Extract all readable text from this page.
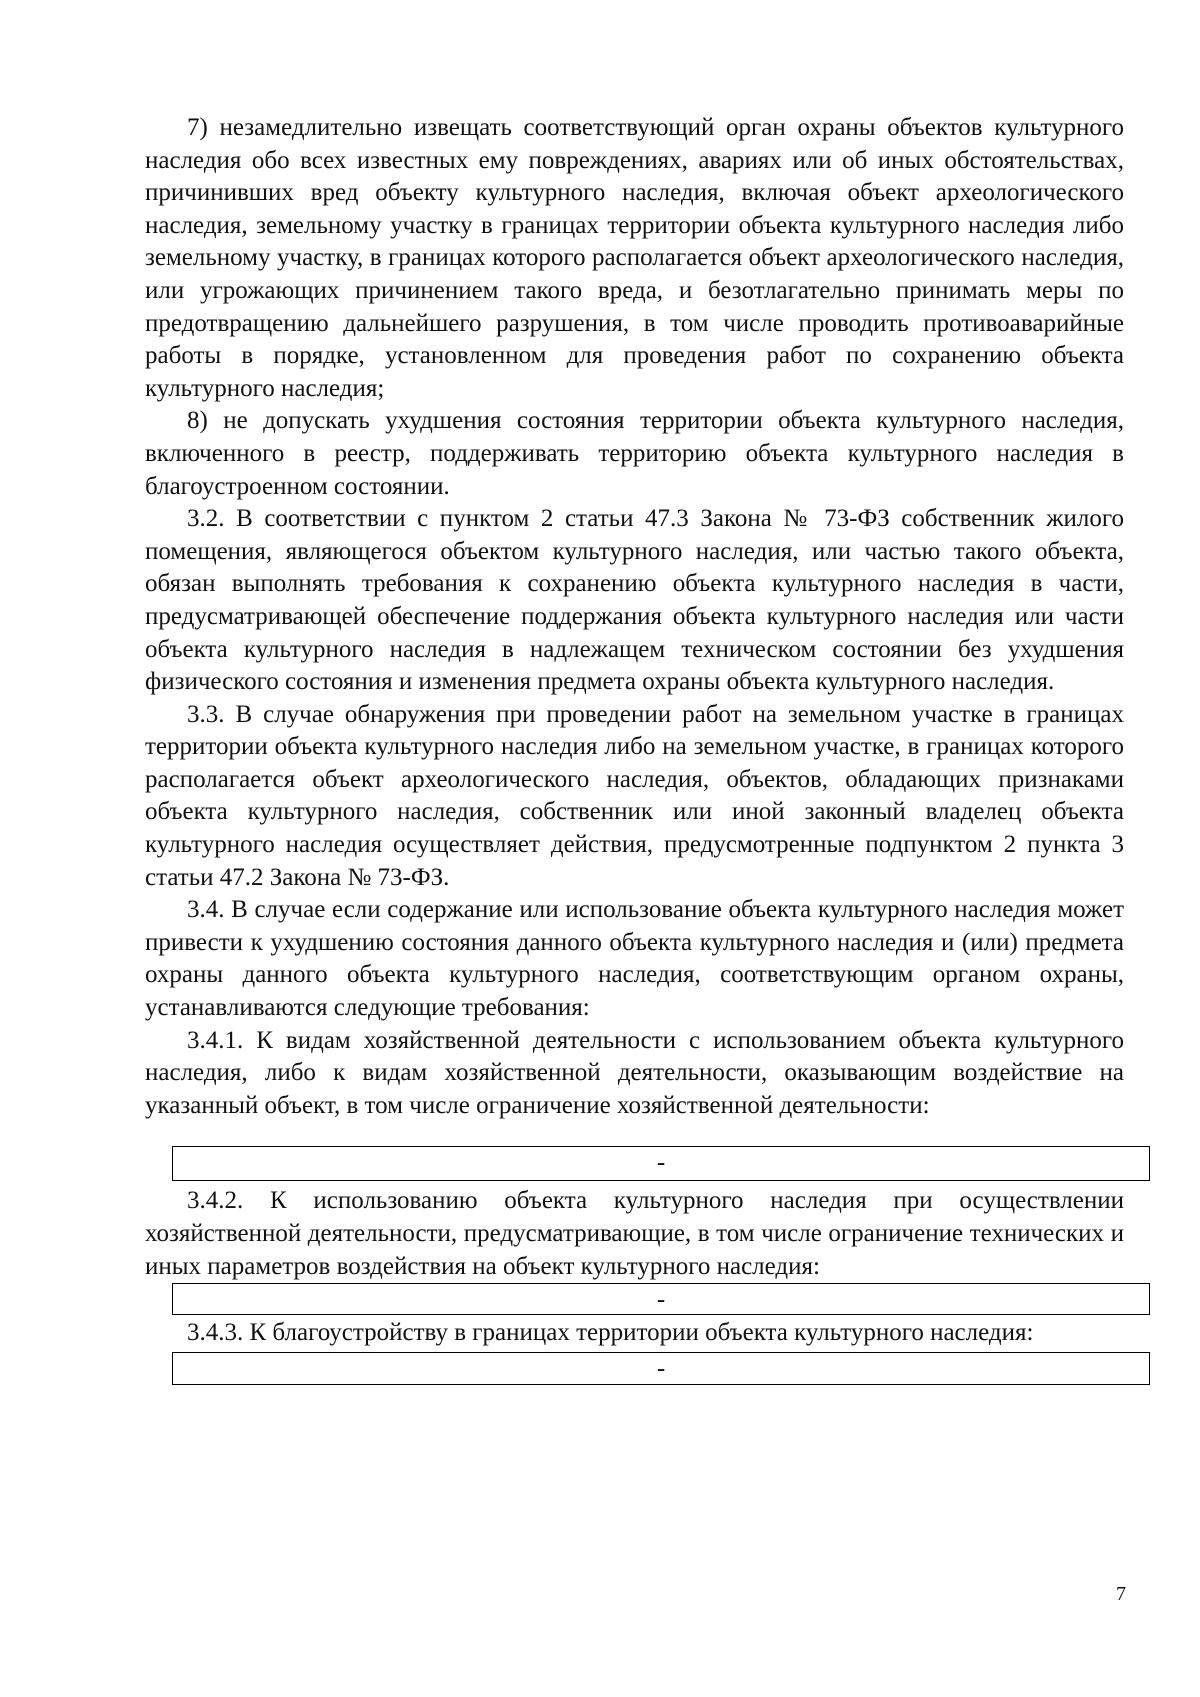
7) незамедлительно извещать соответствующий орган охраны объектов культурного наследия обо всех известных ему повреждениях, авариях или об иных обстоятельствах, причинивших вред объекту культурного наследия, включая объект археологического наследия, земельному участку в границах территории объекта культурного наследия либо земельному участку, в границах которого располагается объект археологического наследия, или угрожающих причинением такого вреда, и безотлагательно принимать меры по предотвращению дальнейшего разрушения, в том числе проводить противоаварийные работы в порядке, установленном для проведения работ по сохранению объекта культурного наследия;

8) не допускать ухудшения состояния территории объекта культурного наследия, включенного в реестр, поддерживать территорию объекта культурного наследия в благоустроенном состоянии.

3.2. В соответствии с пунктом 2 статьи 47.3 Закона № 73-ФЗ собственник жилого помещения, являющегося объектом культурного наследия, или частью такого объекта, обязан выполнять требования к сохранению объекта культурного наследия в части, предусматривающей обеспечение поддержания объекта культурного наследия или части объекта культурного наследия в надлежащем техническом состоянии без ухудшения физического состояния и изменения предмета охраны объекта культурного наследия.

3.3. В случае обнаружения при проведении работ на земельном участке в границах территории объекта культурного наследия либо на земельном участке, в границах которого располагается объект археологического наследия, объектов, обладающих признаками объекта культурного наследия, собственник или иной законный владелец объекта культурного наследия осуществляет действия, предусмотренные подпунктом 2 пункта 3 статьи 47.2 Закона № 73-ФЗ.

3.4. В случае если содержание или использование объекта культурного наследия может привести к ухудшению состояния данного объекта культурного наследия и (или) предмета охраны данного объекта культурного наследия, соответствующим органом охраны, устанавливаются следующие требования:

3.4.1. К видам хозяйственной деятельности с использованием объекта культурного наследия, либо к видам хозяйственной деятельности, оказывающим воздействие на указанный объект, в том числе ограничение хозяйственной деятельности:

-

3.4.2. К использованию объекта культурного наследия при осуществлении хозяйственной деятельности, предусматривающие, в том числе ограничение технических и иных параметров воздействия на объект культурного наследия:

-

3.4.3. К благоустройству в границах территории объекта культурного наследия:

-
7
